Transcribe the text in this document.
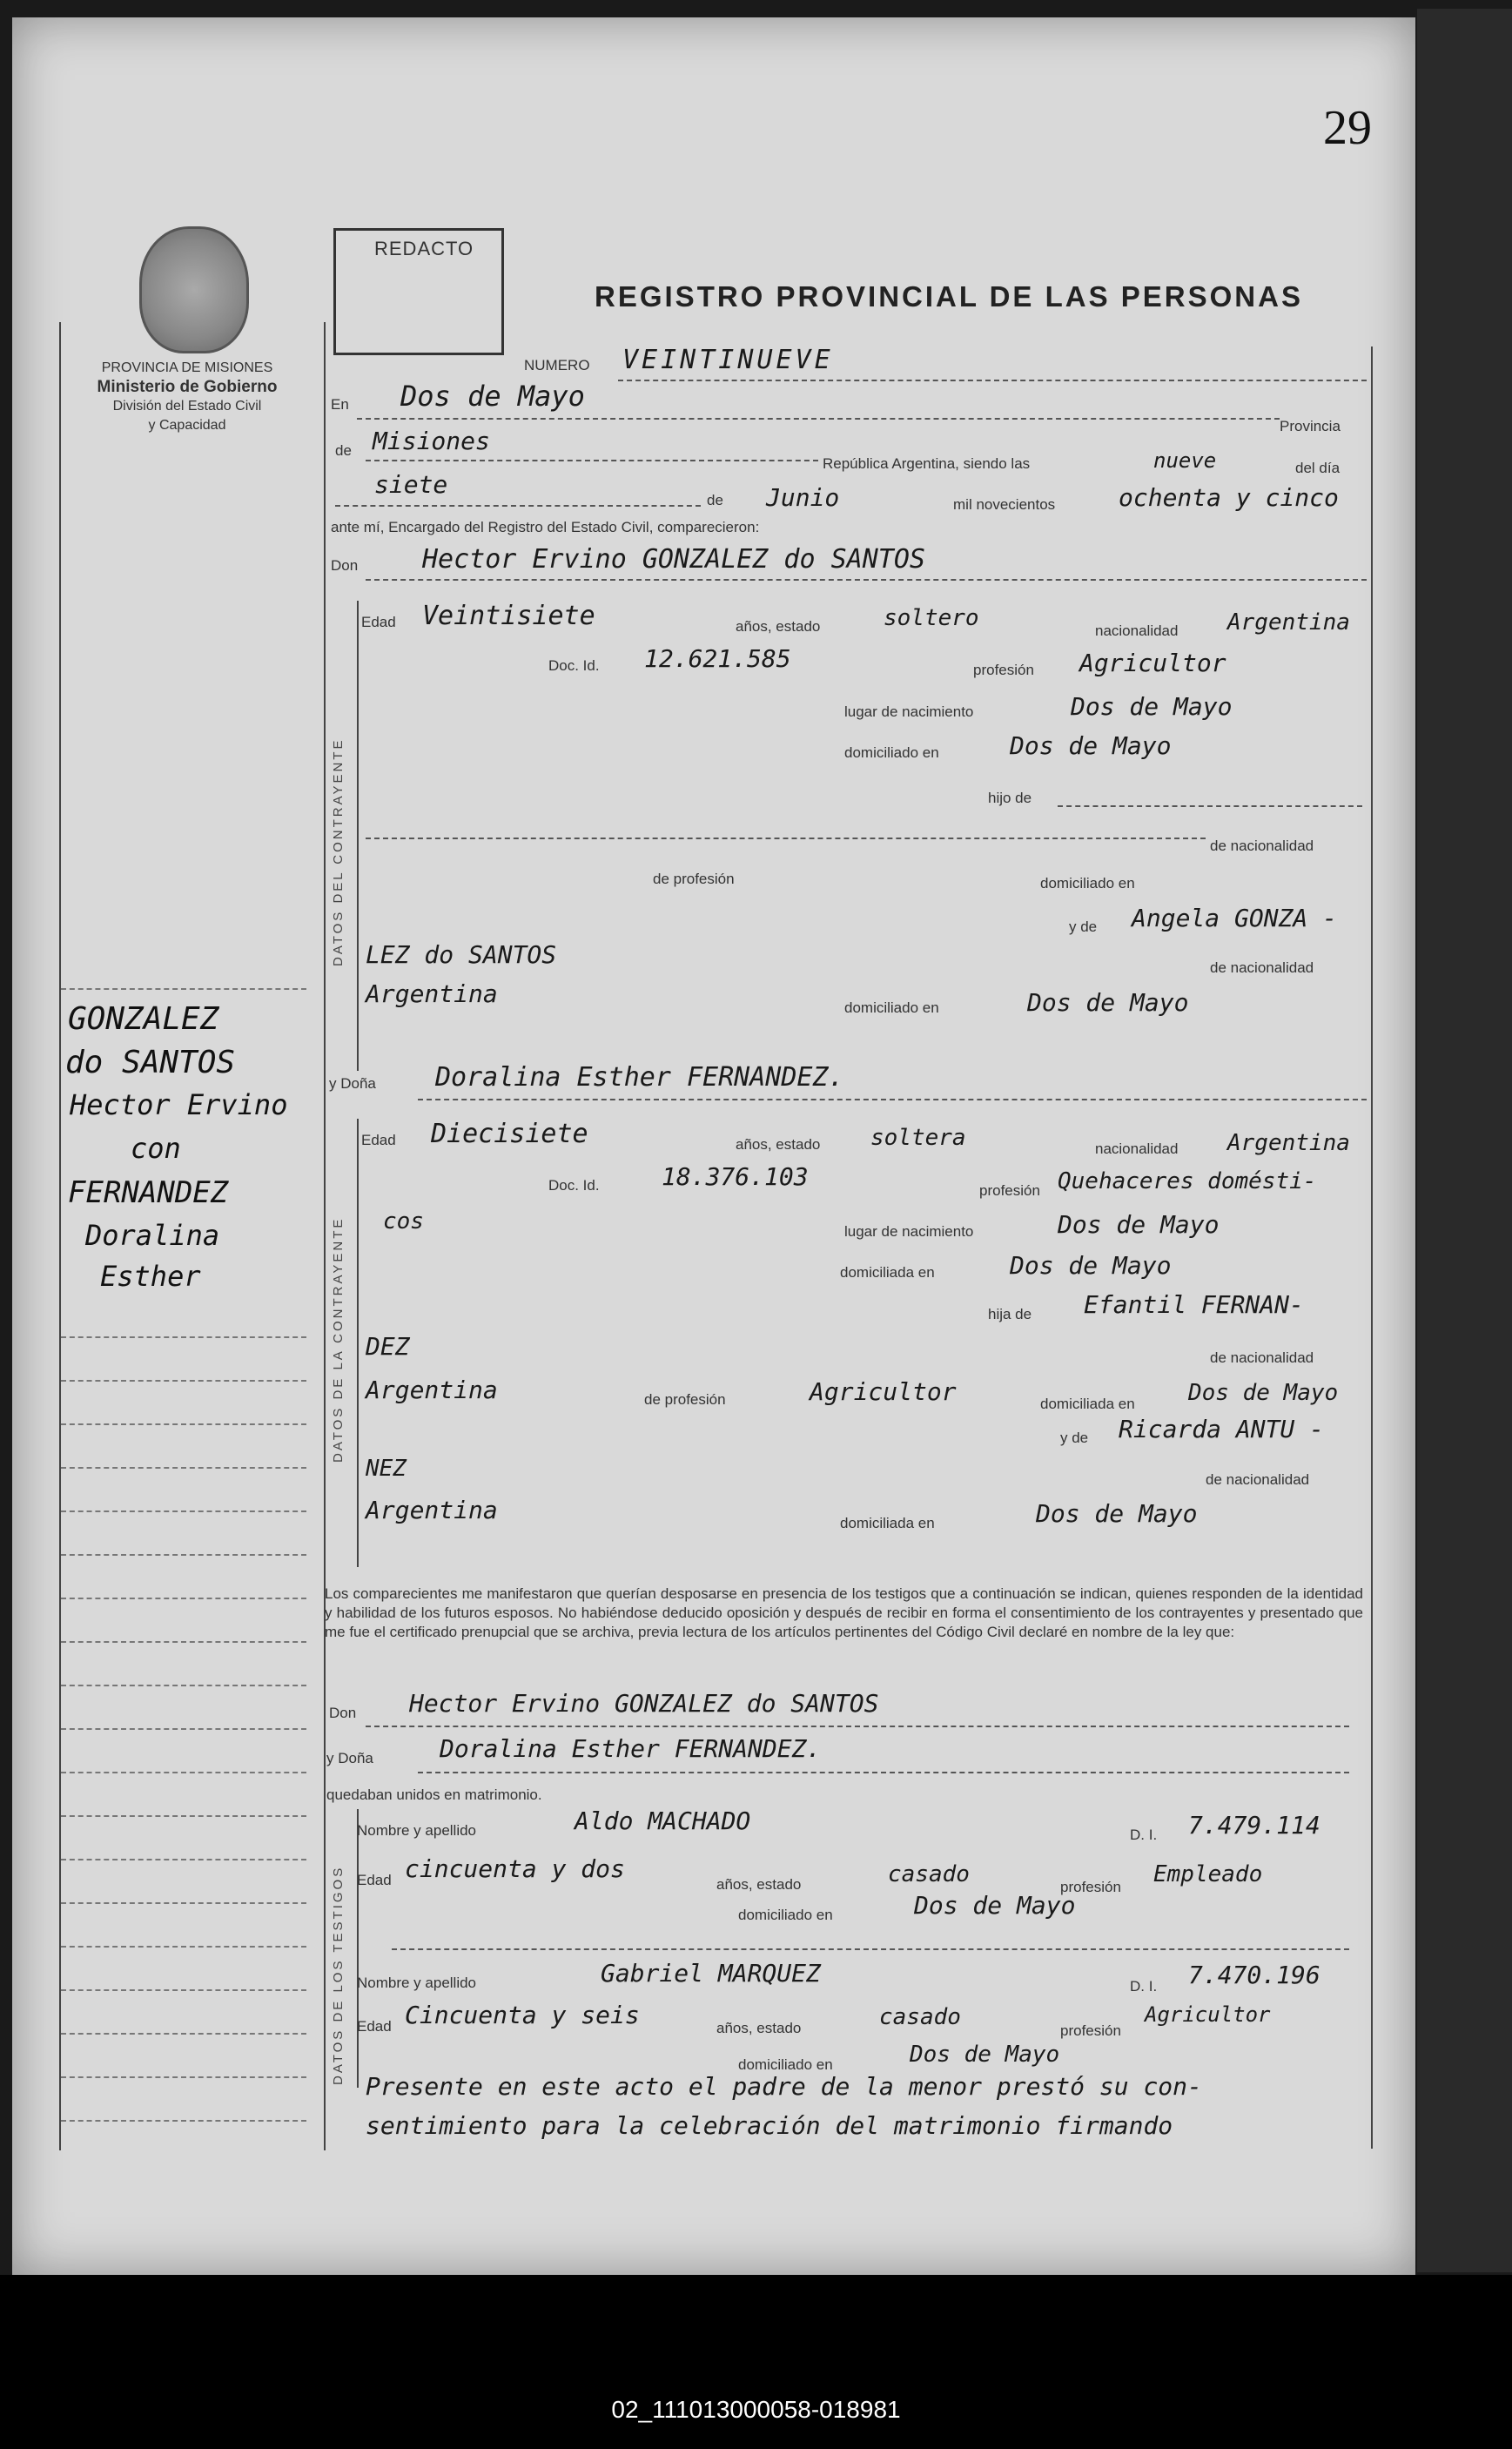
02_111013000058-018981
29
PROVINCIA DE MISIONES
Ministerio de Gobierno
División del Estado Civil
y Capacidad
REDACTO
REGISTRO PROVINCIAL DE LAS PERSONAS
NUMERO VEINTINUEVE
En Dos de Mayo
Provincia
de Misiones
República Argentina, siendo las	nueve	del día
siete
de Junio	mil novecientos	ochenta y cinco
ante mí, Encargado del Registro del Estado Civil, comparecieron:
Don Hector Ervino GONZALEZ do SANTOS
DATOS DEL CONTRAYENTE
Edad Veintisiete	años, estado	soltero	nacionalidad Argentina
Doc. Id. 12.621.585	profesión Agricultor
lugar de nacimiento	Dos de Mayo
domiciliado en	Dos de Mayo
hijo de
de nacionalidad
de profesión	domiciliado en
y de Angela GONZA -
LEZ do SANTOS	de nacionalidad
Argentina	domiciliado en	Dos de Mayo
y Doña Doralina Esther FERNANDEZ.
DATOS DE LA CONTRAYENTE
Edad Diecisiete	años, estado soltera	nacionalidad Argentina
Doc. Id.	18.376.103	profesión Quehaceres domésti-
cos	lugar de nacimiento	Dos de Mayo
domiciliada en	Dos de Mayo
hija de Efantil FERNAN-
DEZ	de nacionalidad
Argentina	de profesión	Agricultor	domiciliada en Dos de Mayo
y de Ricarda ANTU -
NEZ	de nacionalidad
Argentina	domiciliada en	Dos de Mayo
Los comparecientes me manifestaron que querían desposarse en presencia de los testigos que a continuación se indican, quienes responden de la identidad y habilidad de los futuros esposos. No habiéndose deducido oposición y después de recibir en forma el consentimiento de los contrayentes y presentado que me fue el certificado prenupcial que se archiva, previa lectura de los artículos pertinentes del Código Civil declaré en nombre de la ley que:
Don Hector Ervino GONZALEZ do SANTOS
y Doña	Doralina Esther FERNANDEZ.
quedaban unidos en matrimonio.
DATOS DE LOS TESTIGOS
Nombre y apellido	Aldo MACHADO	D. I. 7.479.114
Edad cincuenta y dos
años, estado	casado	profesión Empleado
domiciliado en	Dos de Mayo
Nombre y apellido	Gabriel MARQUEZ	D. I. 7.470.196
Edad Cincuenta y seis	años, estado	casado
profesión
Agricultor
domiciliado en	Dos de Mayo
Presente en este acto el padre de la menor prestó su con-
sentimiento para la celebración del matrimonio firmando
GONZALEZ
do SANTOS
Hector Ervino
con
FERNANDEZ
Doralina
Esther
